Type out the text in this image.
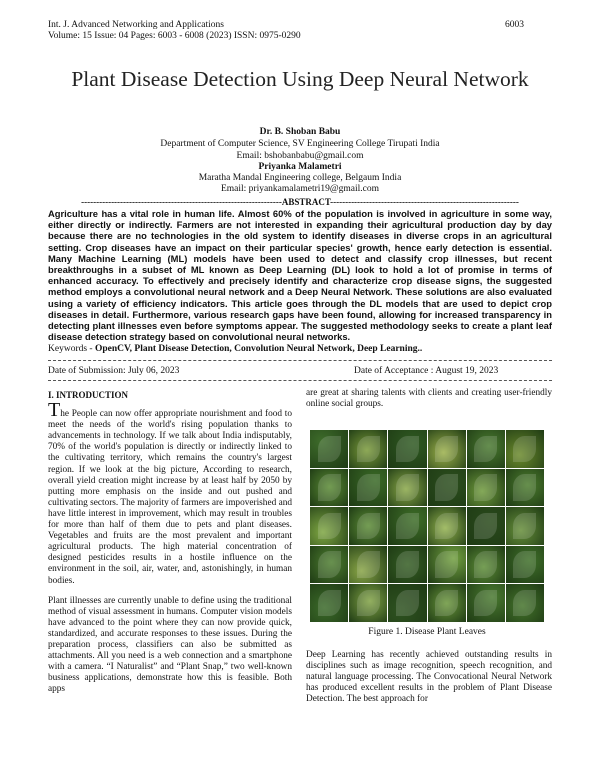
Int. J. Advanced Networking and Applications
Volume: 15 Issue: 04 Pages: 6003 - 6008 (2023) ISSN: 0975-0290
6003
Plant Disease Detection Using Deep Neural Network
Dr. B. Shoban Babu
Department of Computer Science, SV Engineering College Tirupati India
Email: bshobanbabu@gmail.com
Priyanka Malametri
Maratha Mandal Engineering college, Belgaum India
Email: priyankamalametri19@gmail.com
-------------------------------------------------------------------ABSTRACT---------------------------------------------------------------
Agriculture has a vital role in human life. Almost 60% of the population is involved in agriculture in some way, either directly or indirectly. Farmers are not interested in expanding their agricultural production day by day because there are no technologies in the old system to identify diseases in diverse crops in an agricultural setting. Crop diseases have an impact on their particular species' growth, hence early detection is essential. Many Machine Learning (ML) models have been used to detect and classify crop illnesses, but recent breakthroughs in a subset of ML known as Deep Learning (DL) look to hold a lot of promise in terms of enhanced accuracy. To effectively and precisely identify and characterize crop disease signs, the suggested method employs a convolutional neural network and a Deep Neural Network. These solutions are also evaluated using a variety of efficiency indicators. This article goes through the DL models that are used to depict crop diseases in detail. Furthermore, various research gaps have been found, allowing for increased transparency in detecting plant illnesses even before symptoms appear. The suggested methodology seeks to create a plant leaf disease detection strategy based on convolutional neural networks.
Keywords - OpenCV, Plant Disease Detection, Convolution Neural Network, Deep Learning..
Date of Submission: July 06, 2023	Date of Acceptance : August 19, 2023
I. INTRODUCTION

The People can now offer appropriate nourishment and food to meet the needs of the world's rising population thanks to advancements in technology. If we talk about India indisputably, 70% of the world's population is directly or indirectly linked to the cultivating territory, which remains the country's largest region. If we look at the big picture, According to research, overall yield creation might increase by at least half by 2050 by putting more emphasis on the inside and out pushed and cultivating sectors. The majority of farmers are impoverished and have little interest in improvement, which may result in troubles for more than half of them due to pets and plant diseases. Vegetables and fruits are the most prevalent and important agricultural products. The high material concentration of designed pesticides results in a hostile influence on the environment in the soil, air, water, and, astonishingly, in human bodies.

Plant illnesses are currently unable to define using the traditional method of visual assessment in humans. Computer vision models have advanced to the point where they can now provide quick, standardized, and accurate responses to these issues. During the preparation process, classifiers can also be submitted as attachments. All you need is a web connection and a smartphone with a camera. “I Naturalist” and “Plant Snap,” two well-known business applications, demonstrate how this is feasible. Both apps

are great at sharing talents with clients and creating user-friendly online social groups.

Figure 1. Disease Plant Leaves

Deep Learning has recently achieved outstanding results in disciplines such as image recognition, speech recognition, and natural language processing. The Convocational Neural Network has produced excellent results in the problem of Plant Disease Detection. The best approach for
